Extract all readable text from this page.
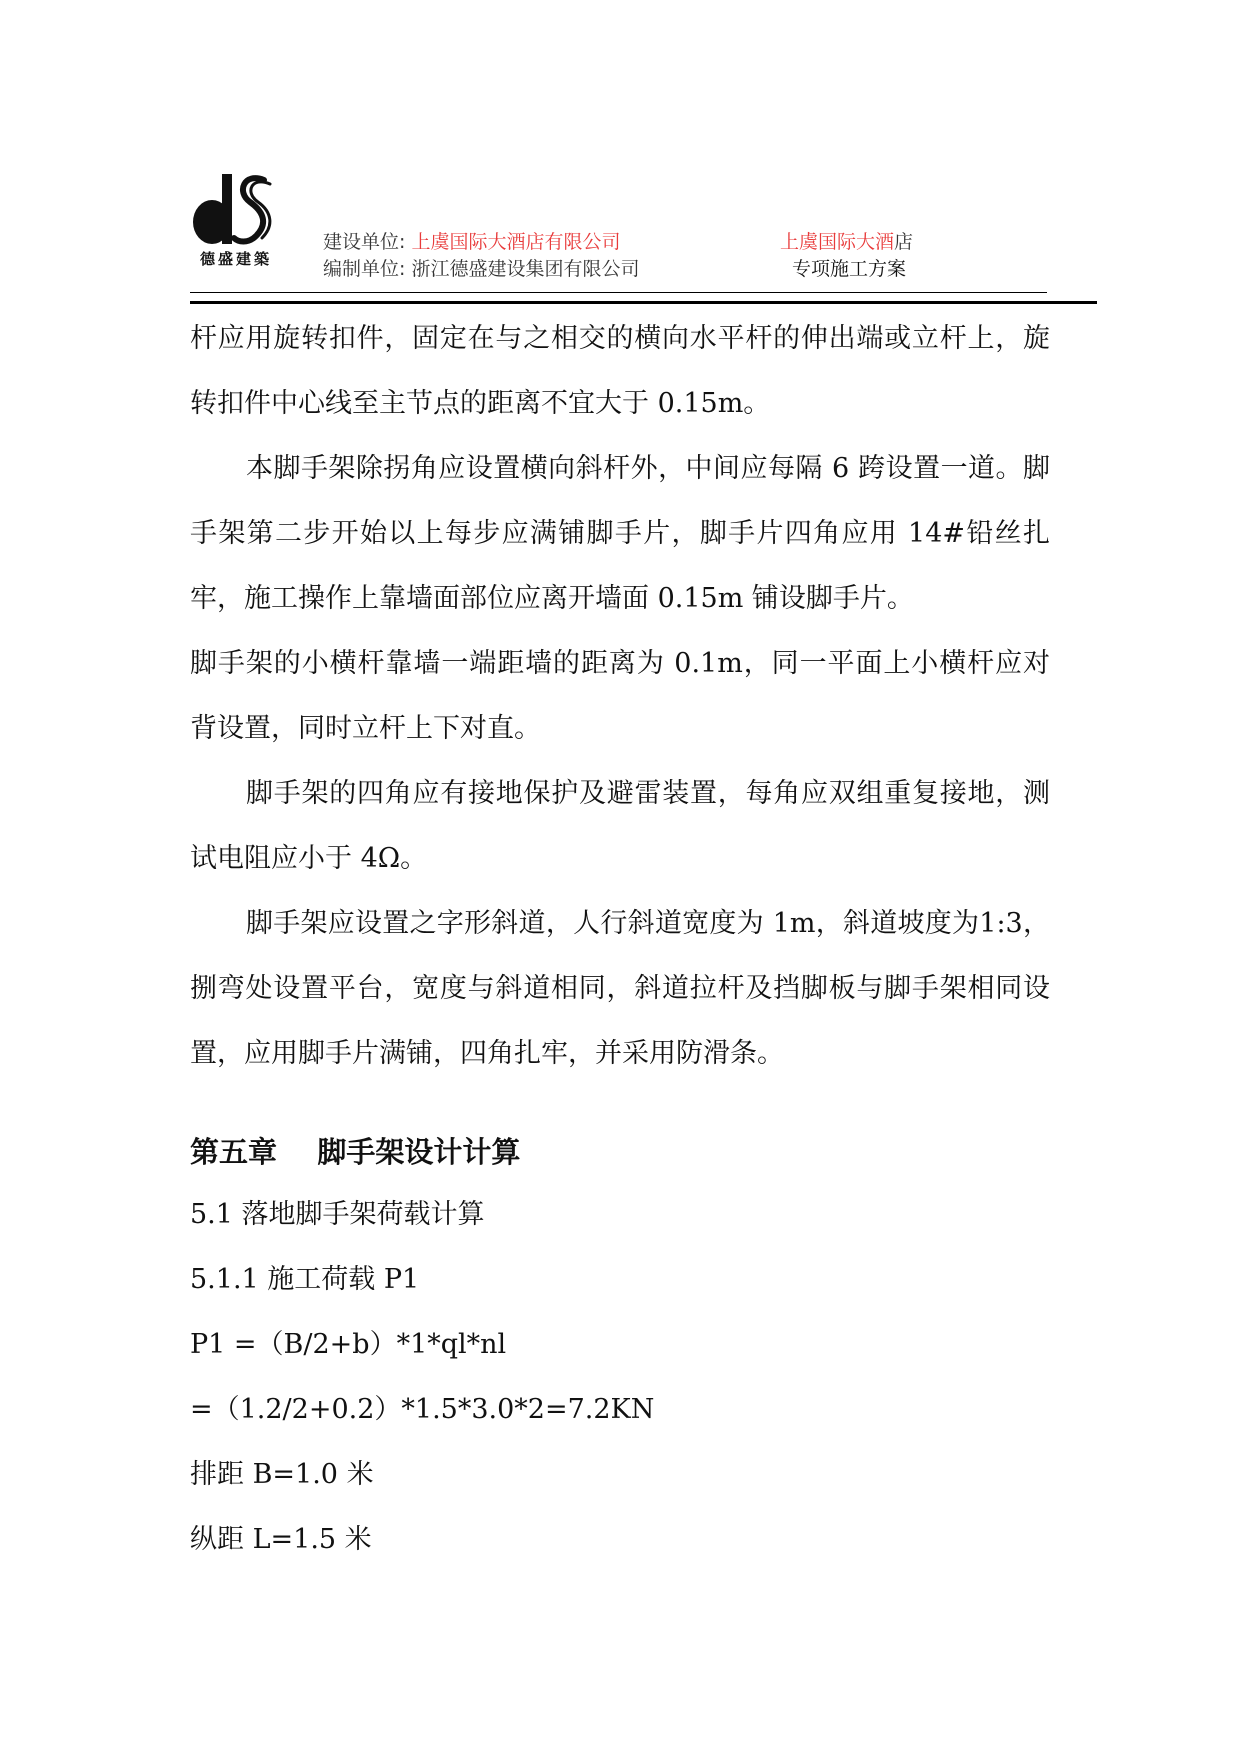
德盛建築
建设单位: 上虞国际大酒店有限公司
编制单位: 浙江德盛建设集团有限公司
上虞国际大酒店
专项施工方案

杆应用旋转扣件，固定在与之相交的横向水平杆的伸出端或立杆上，旋转扣件中心线至主节点的距离不宜大于 0.15m。

本脚手架除拐角应设置横向斜杆外，中间应每隔 6 跨设置一道。脚手架第二步开始以上每步应满铺脚手片，脚手片四角应用 14#铅丝扎牢，施工操作上靠墙面部位应离开墙面 0.15m 铺设脚手片。

脚手架的小横杆靠墙一端距墙的距离为 0.1m，同一平面上小横杆应对背设置，同时立杆上下对直。

脚手架的四角应有接地保护及避雷装置，每角应双组重复接地，测试电阻应小于 4Ω。

脚手架应设置之字形斜道，人行斜道宽度为 1m，斜道坡度为1:3，捌弯处设置平台，宽度与斜道相同，斜道拉杆及挡脚板与脚手架相同设置，应用脚手片满铺，四角扎牢，并采用防滑条。

第五章    脚手架设计计算

5.1 落地脚手架荷载计算

5.1.1 施工荷载 P1

P1 =（B/2+b）*1*ql*nl

=（1.2/2+0.2）*1.5*3.0*2=7.2KN

排距 B=1.0 米

纵距 L=1.5 米
